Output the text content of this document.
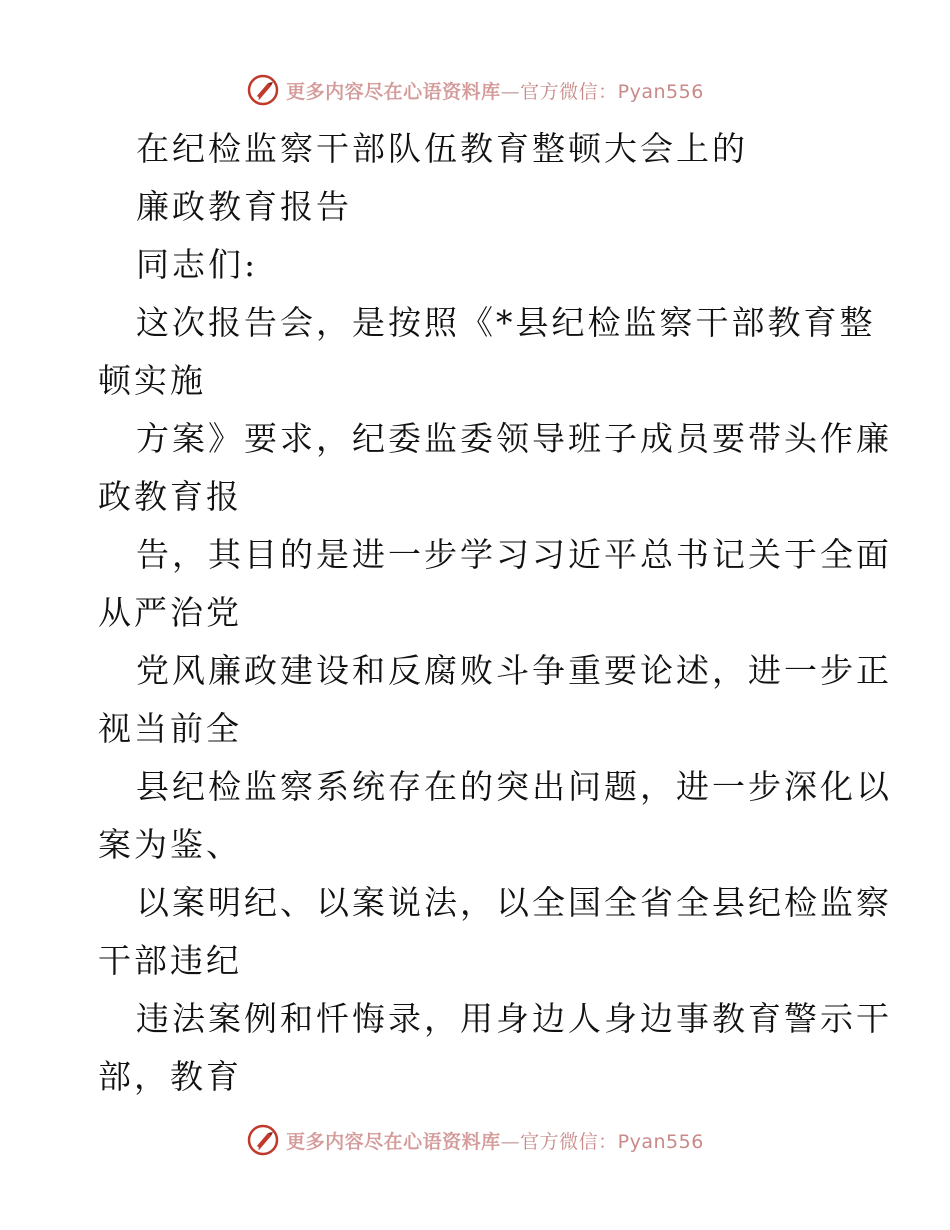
更多内容尽在心语资料库—官方微信：Pyan556

在纪检监察干部队伍教育整顿大会上的

廉政教育报告

同志们:

这次报告会，是按照《*县纪检监察干部教育整

顿实施

方案》要求，纪委监委领导班子成员要带头作廉

政教育报

告，其目的是进一步学习习近平总书记关于全面

从严治党

党风廉政建设和反腐败斗争重要论述，进一步正

视当前全

县纪检监察系统存在的突出问题，进一步深化以

案为鉴、

以案明纪、以案说法，以全国全省全县纪检监察

干部违纪

违法案例和忏悔录，用身边人身边事教育警示干

部，教育

更多内容尽在心语资料库—官方微信：Pyan556
